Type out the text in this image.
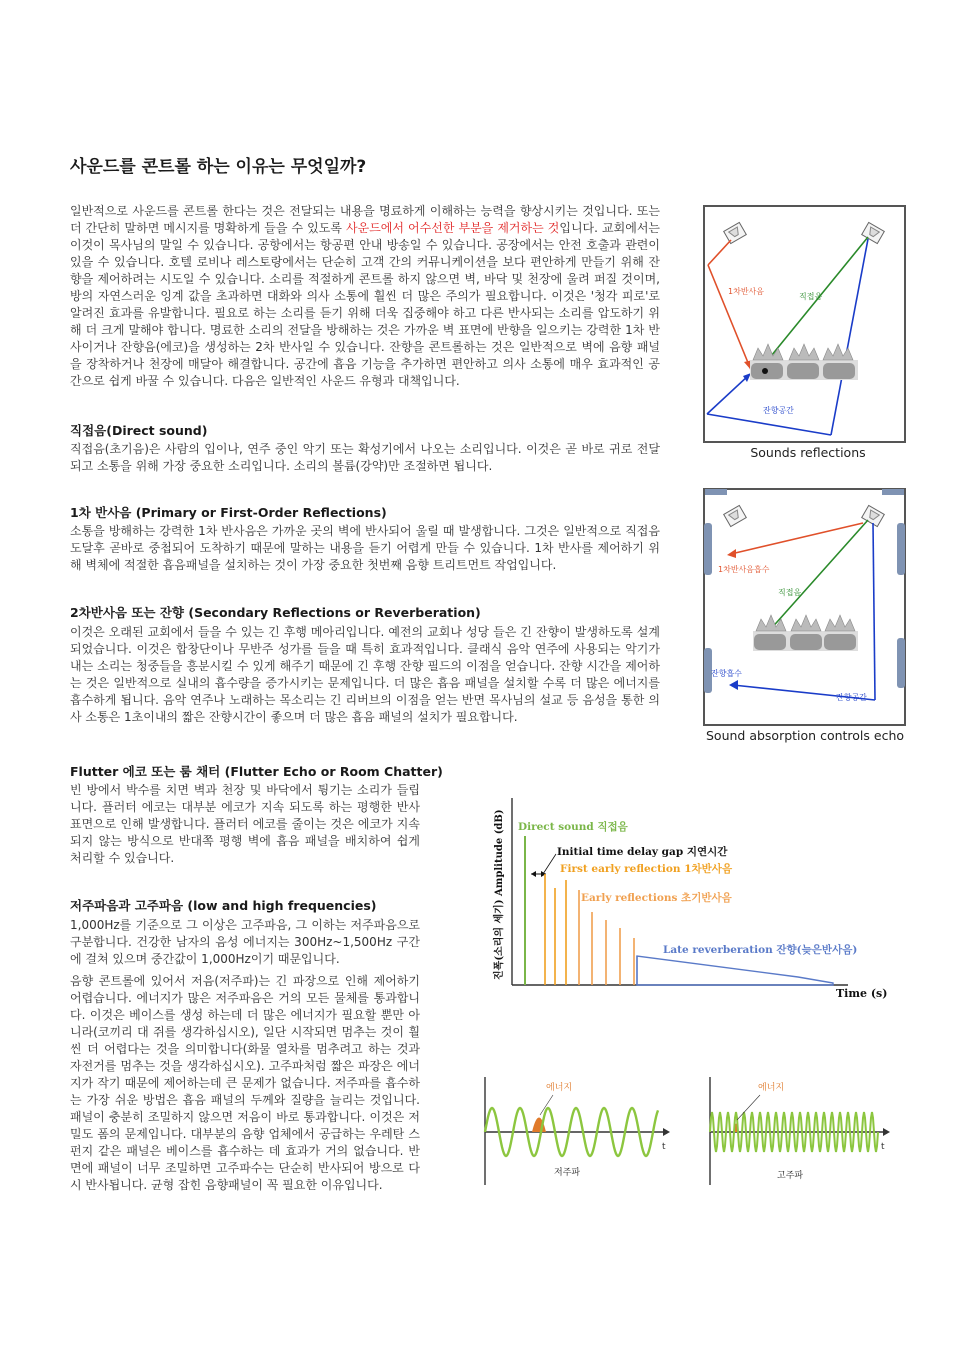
사운드를 콘트롤 하는 이유는 무엇일까?

일반적으로 사운드를 콘트롤 한다는 것은 전달되는 내용을 명료하게 이해하는 능력을 향상시키는 것입니다. 또는 더 간단히 말하면 메시지를 명확하게 들을 수 있도록 사운드에서 어수선한 부분을 제거하는 것입니다. 교회에서는 이것이 목사님의 말일 수 있습니다. 공항에서는 항공편 안내 방송일 수 있습니다. 공장에서는 안전 호출과 관련이 있을 수 있습니다. 호텔 로비나 레스토랑에서는 단순히 고객 간의 커뮤니케이션을 보다 편안하게 만들기 위해 잔향을 제어하려는 시도일 수 있습니다. 소리를 적절하게 콘트롤 하지 않으면 벽, 바닥 및 천장에 울려 퍼질 것이며, 방의 자연스러운 잉계 값을 초과하면 대화와 의사 소통에 훨씬 더 많은 주의가 필요합니다. 이것은 '청각 피로'로 알려진 효과를 유발합니다. 필요로 하는 소리를 듣기 위해 더욱 집중해야 하고 다른 반사되는 소리를 압도하기 위해 더 크게 말해야 합니다. 명료한 소리의 전달을 방해하는 것은 가까운 벽 표면에 반향을 일으키는 강력한 1차 반사이거나 잔향음(에코)을 생성하는 2차 반사일 수 있습니다. 잔향을 콘트롤하는 것은 일반적으로 벽에 음향 패널을 장착하거나 천장에 매달아 해결합니다. 공간에 흡음 기능을 추가하면 편안하고 의사 소통에 매우 효과적인 공간으로 쉽게 바꿀 수 있습니다. 다음은 일반적인 사운드 유형과 대책입니다.

직접음(Direct sound)

직접음(초기음)은 사람의 입이나, 연주 중인 악기 또는 확성기에서 나오는 소리입니다. 이것은 곧 바로 귀로 전달되고 소통을 위해 가장 중요한 소리입니다. 소리의 볼륨(강약)만 조절하면 됩니다.

1차 반사음 (Primary or First-Order Reflections)

소통을 방해하는 강력한 1차 반사음은 가까운 곳의 벽에 반사되어 울릴 때 발생합니다. 그것은 일반적으로 직접음 도달후 곧바로 중첩되어 도착하기 때문에 말하는 내용을 듣기 어렵게 만들 수 있습니다. 1차 반사를 제어하기 위해 벽체에 적절한 흡음패널을 설치하는 것이 가장 중요한 첫번째 음향 트리트먼트 작업입니다.

2차반사음 또는 잔향 (Secondary Reflections or Reverberation)

이것은 오래된 교회에서 들을 수 있는 긴 후행 메아리입니다. 예전의 교회나 성당 들은 긴 잔향이 발생하도록 설계되었습니다. 이것은 합창단이나 무반주 성가를 들을 때 특히 효과적입니다. 클래식 음악 연주에 사용되는 악기가 내는 소리는 청중들을 흥분시킬 수 있게 해주기 때문에 긴 후행 잔향 필드의 이점을 얻습니다. 잔향 시간을 제어하는 것은 일반적으로 실내의 흡수량을 증가시키는 문제입니다. 더 많은 흡음 패널을 설치할 수록 더 많은 에너지를 흡수하게 됩니다. 음악 연주나 노래하는 목소리는 긴 리버브의 이점을 얻는 반면 목사님의 설교 등 음성을 통한 의사 소통은 1초이내의 짧은 잔향시간이 좋으며 더 많은 흡음 패널의 설치가 필요합니다.

Flutter 에코 또는 룸 채터 (Flutter Echo or Room Chatter)

빈 방에서 박수를 치면 벽과 천장 및 바닥에서 튕기는 소리가 들립니다. 플러터 에코는 대부분 에코가 지속 되도록 하는 평행한 반사 표면으로 인해 발생합니다. 플러터 에코를 줄이는 것은 에코가 지속되지 않는 방식으로 반대쪽 평행 벽에 흡음 패널을 배치하여 쉽게 처리할 수 있습니다.

저주파음과 고주파음 (low and high frequencies)

1,000Hz를 기준으로 그 이상은 고주파음, 그 이하는 저주파음으로 구분합니다. 건강한 남자의 음성 에너지는 300Hz~1,500Hz 구간에 걸쳐 있으며 중간값이 1,000Hz이기 때문입니다.

음향 콘트롤에 있어서 저음(저주파)는 긴 파장으로 인해 제어하기 어렵습니다. 에너지가 많은 저주파음은 거의 모든 물체를 통과합니다. 이것은 베이스를 생성 하는데 더 많은 에너지가 필요할 뿐만 아니라(코끼리 대 쥐를 생각하십시오), 일단 시작되면 멈추는 것이 훨씬 더 어렵다는 것을 의미합니다(화물 열차를 멈추려고 하는 것과 자전거를 멈추는 것을 생각하십시오). 고주파처럼 짧은 파장은 에너지가 작기 때문에 제어하는데 큰 문제가 없습니다. 저주파를 흡수하는 가장 쉬운 방법은 흡음 패널의 두께와 질량을 늘리는 것입니다. 패널이 충분히 조밀하지 않으면 저음이 바로 통과합니다. 이것은 저밀도 폼의 문제입니다. 대부분의 음향 업체에서 공급하는 우레탄 스펀지 같은 패널은 베이스를 흡수하는 데 효과가 거의 없습니다. 반면에 패널이 너무 조밀하면 고주파수는 단순히 반사되어 방으로 다시 반사됩니다. 균형 잡힌 음향패널이 꼭 필요한 이유입니다.

1차반사음
직접음
잔향공간
Sounds reflections
1차반사음흡수
직접음
잔향흡수
잔향공간
Sound absorption controls echo
진폭(소리의 세기) Amplitude (dB)
Time (s)
Direct sound 직접음
Initial time delay gap 지연시간
First early reflection 1차반사음
Early reflections 초기반사음
Late reverberation 잔향(늦은반사음)
t
에너지
저주파
t
에너지
고주파
